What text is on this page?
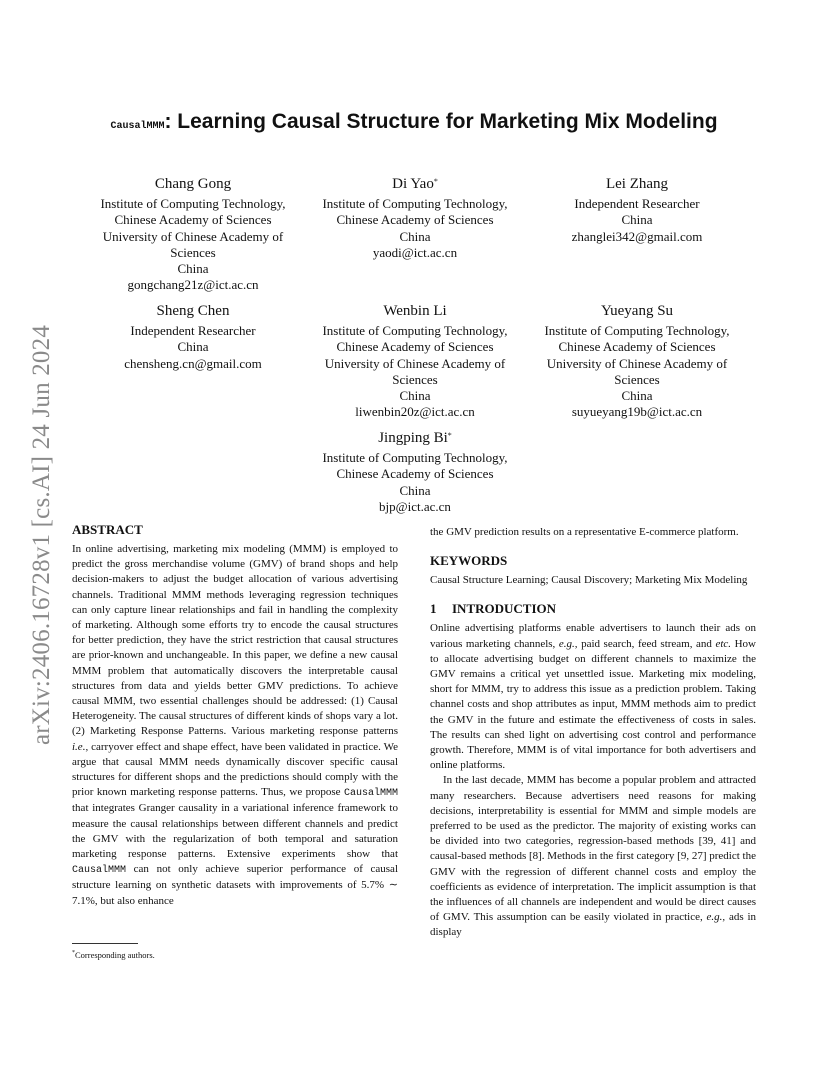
arXiv:2406.16728v1 [cs.AI] 24 Jun 2024
CausalMMM: Learning Causal Structure for Marketing Mix Modeling
Chang Gong
Institute of Computing Technology,
Chinese Academy of Sciences
University of Chinese Academy of
Sciences
China
gongchang21z@ict.ac.cn
Di Yao*
Institute of Computing Technology,
Chinese Academy of Sciences
China
yaodi@ict.ac.cn
Lei Zhang
Independent Researcher
China
zhanglei342@gmail.com
Sheng Chen
Independent Researcher
China
chensheng.cn@gmail.com
Wenbin Li
Institute of Computing Technology,
Chinese Academy of Sciences
University of Chinese Academy of
Sciences
China
liwenbin20z@ict.ac.cn
Yueyang Su
Institute of Computing Technology,
Chinese Academy of Sciences
University of Chinese Academy of
Sciences
China
suyueyang19b@ict.ac.cn
Jingping Bi*
Institute of Computing Technology,
Chinese Academy of Sciences
China
bjp@ict.ac.cn
ABSTRACT

In online advertising, marketing mix modeling (MMM) is employed to predict the gross merchandise volume (GMV) of brand shops and help decision-makers to adjust the budget allocation of various advertising channels. Traditional MMM methods leveraging regression techniques can only capture linear relationships and fail in handling the complexity of marketing. Although some efforts try to encode the causal structures for better prediction, they have the strict restriction that causal structures are prior-known and unchangeable. In this paper, we define a new causal MMM problem that automatically discovers the interpretable causal structures from data and yields better GMV predictions. To achieve causal MMM, two essential challenges should be addressed: (1) Causal Heterogeneity. The causal structures of different kinds of shops vary a lot. (2) Marketing Response Patterns. Various marketing response patterns i.e., carryover effect and shape effect, have been validated in practice. We argue that causal MMM needs dynamically discover specific causal structures for different shops and the predictions should comply with the prior known marketing response patterns. Thus, we propose CausalMMM that integrates Granger causality in a variational inference framework to measure the causal relationships between different channels and predict the GMV with the regularization of both temporal and saturation marketing response patterns. Extensive experiments show that CausalMMM can not only achieve superior performance of causal structure learning on synthetic datasets with improvements of 5.7% ∼ 7.1%, but also enhance

the GMV prediction results on a representative E-commerce platform.

KEYWORDS

Causal Structure Learning; Causal Discovery; Marketing Mix Modeling

1 INTRODUCTION

Online advertising platforms enable advertisers to launch their ads on various marketing channels, e.g., paid search, feed stream, and etc. How to allocate advertising budget on different channels to maximize the GMV remains a critical yet unsettled issue. Marketing mix modeling, short for MMM, try to address this issue as a prediction problem. Taking channel costs and shop attributes as input, MMM methods aim to predict the GMV in the future and estimate the effectiveness of costs in sales. The results can shed light on advertising cost control and performance growth. Therefore, MMM is of vital importance for both advertisers and online platforms.

In the last decade, MMM has become a popular problem and attracted many researchers. Because advertisers need reasons for making decisions, interpretability is essential for MMM and simple models are preferred to be used as the predictor. The majority of existing works can be divided into two categories, regression-based methods [39, 41] and causal-based methods [8]. Methods in the first category [9, 27] predict the GMV with the regression of different channel costs and employ the coefficients as evidence of interpretation. The implicit assumption is that the influences of all channels are independent and would be direct causes of GMV. This assumption can be easily violated in practice, e.g., ads in display

*Corresponding authors.
